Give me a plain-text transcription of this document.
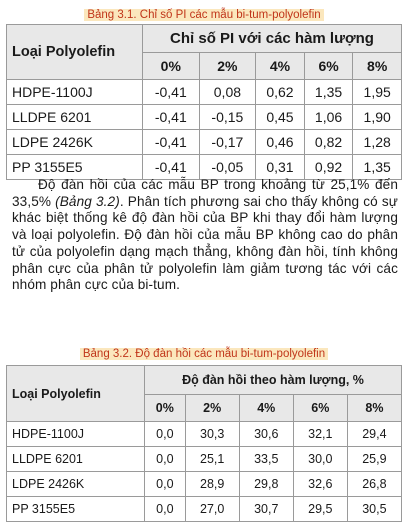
Bảng 3.1. Chỉ số PI các mẫu bi-tum-polyolefin
Loại Polyolefin	Chỉ số PI với các hàm lượng				
	0%	2%	4%	6%	8%
HDPE-1100J	-0,41	0,08	0,62	1,35	1,95
LLDPE 6201	-0,41	-0,15	0,45	1,06	1,90
LDPE 2426K	-0,41	-0,17	0,46	0,82	1,28
PP 3155E5	-0,41	-0,05	0,31	0,92	1,35

Độ đàn hồi của các mẫu BP trong khoảng từ 25,1% đến 33,5% (Bảng 3.2). Phân tích phương sai cho thấy không có sự khác biệt thống kê độ đàn hồi của BP khi thay đổi hàm lượng và loại polyolefin. Độ đàn hồi của mẫu BP không cao do phân tử của polyolefin dạng mạch thẳng, không đàn hồi, tính không phân cực của phân tử polyolefin làm giảm tương tác với các nhóm phân cực của bi-tum.

Bảng 3.2. Độ đàn hồi các mẫu bi-tum-polyolefin
Loại Polyolefin	Độ đàn hồi theo hàm lượng, %				
	0%	2%	4%	6%	8%
HDPE-1100J	0,0	30,3	30,6	32,1	29,4
LLDPE 6201	0,0	25,1	33,5	30,0	25,9
LDPE 2426K	0,0	28,9	29,8	32,6	26,8
PP 3155E5	0,0	27,0	30,7	29,5	30,5
